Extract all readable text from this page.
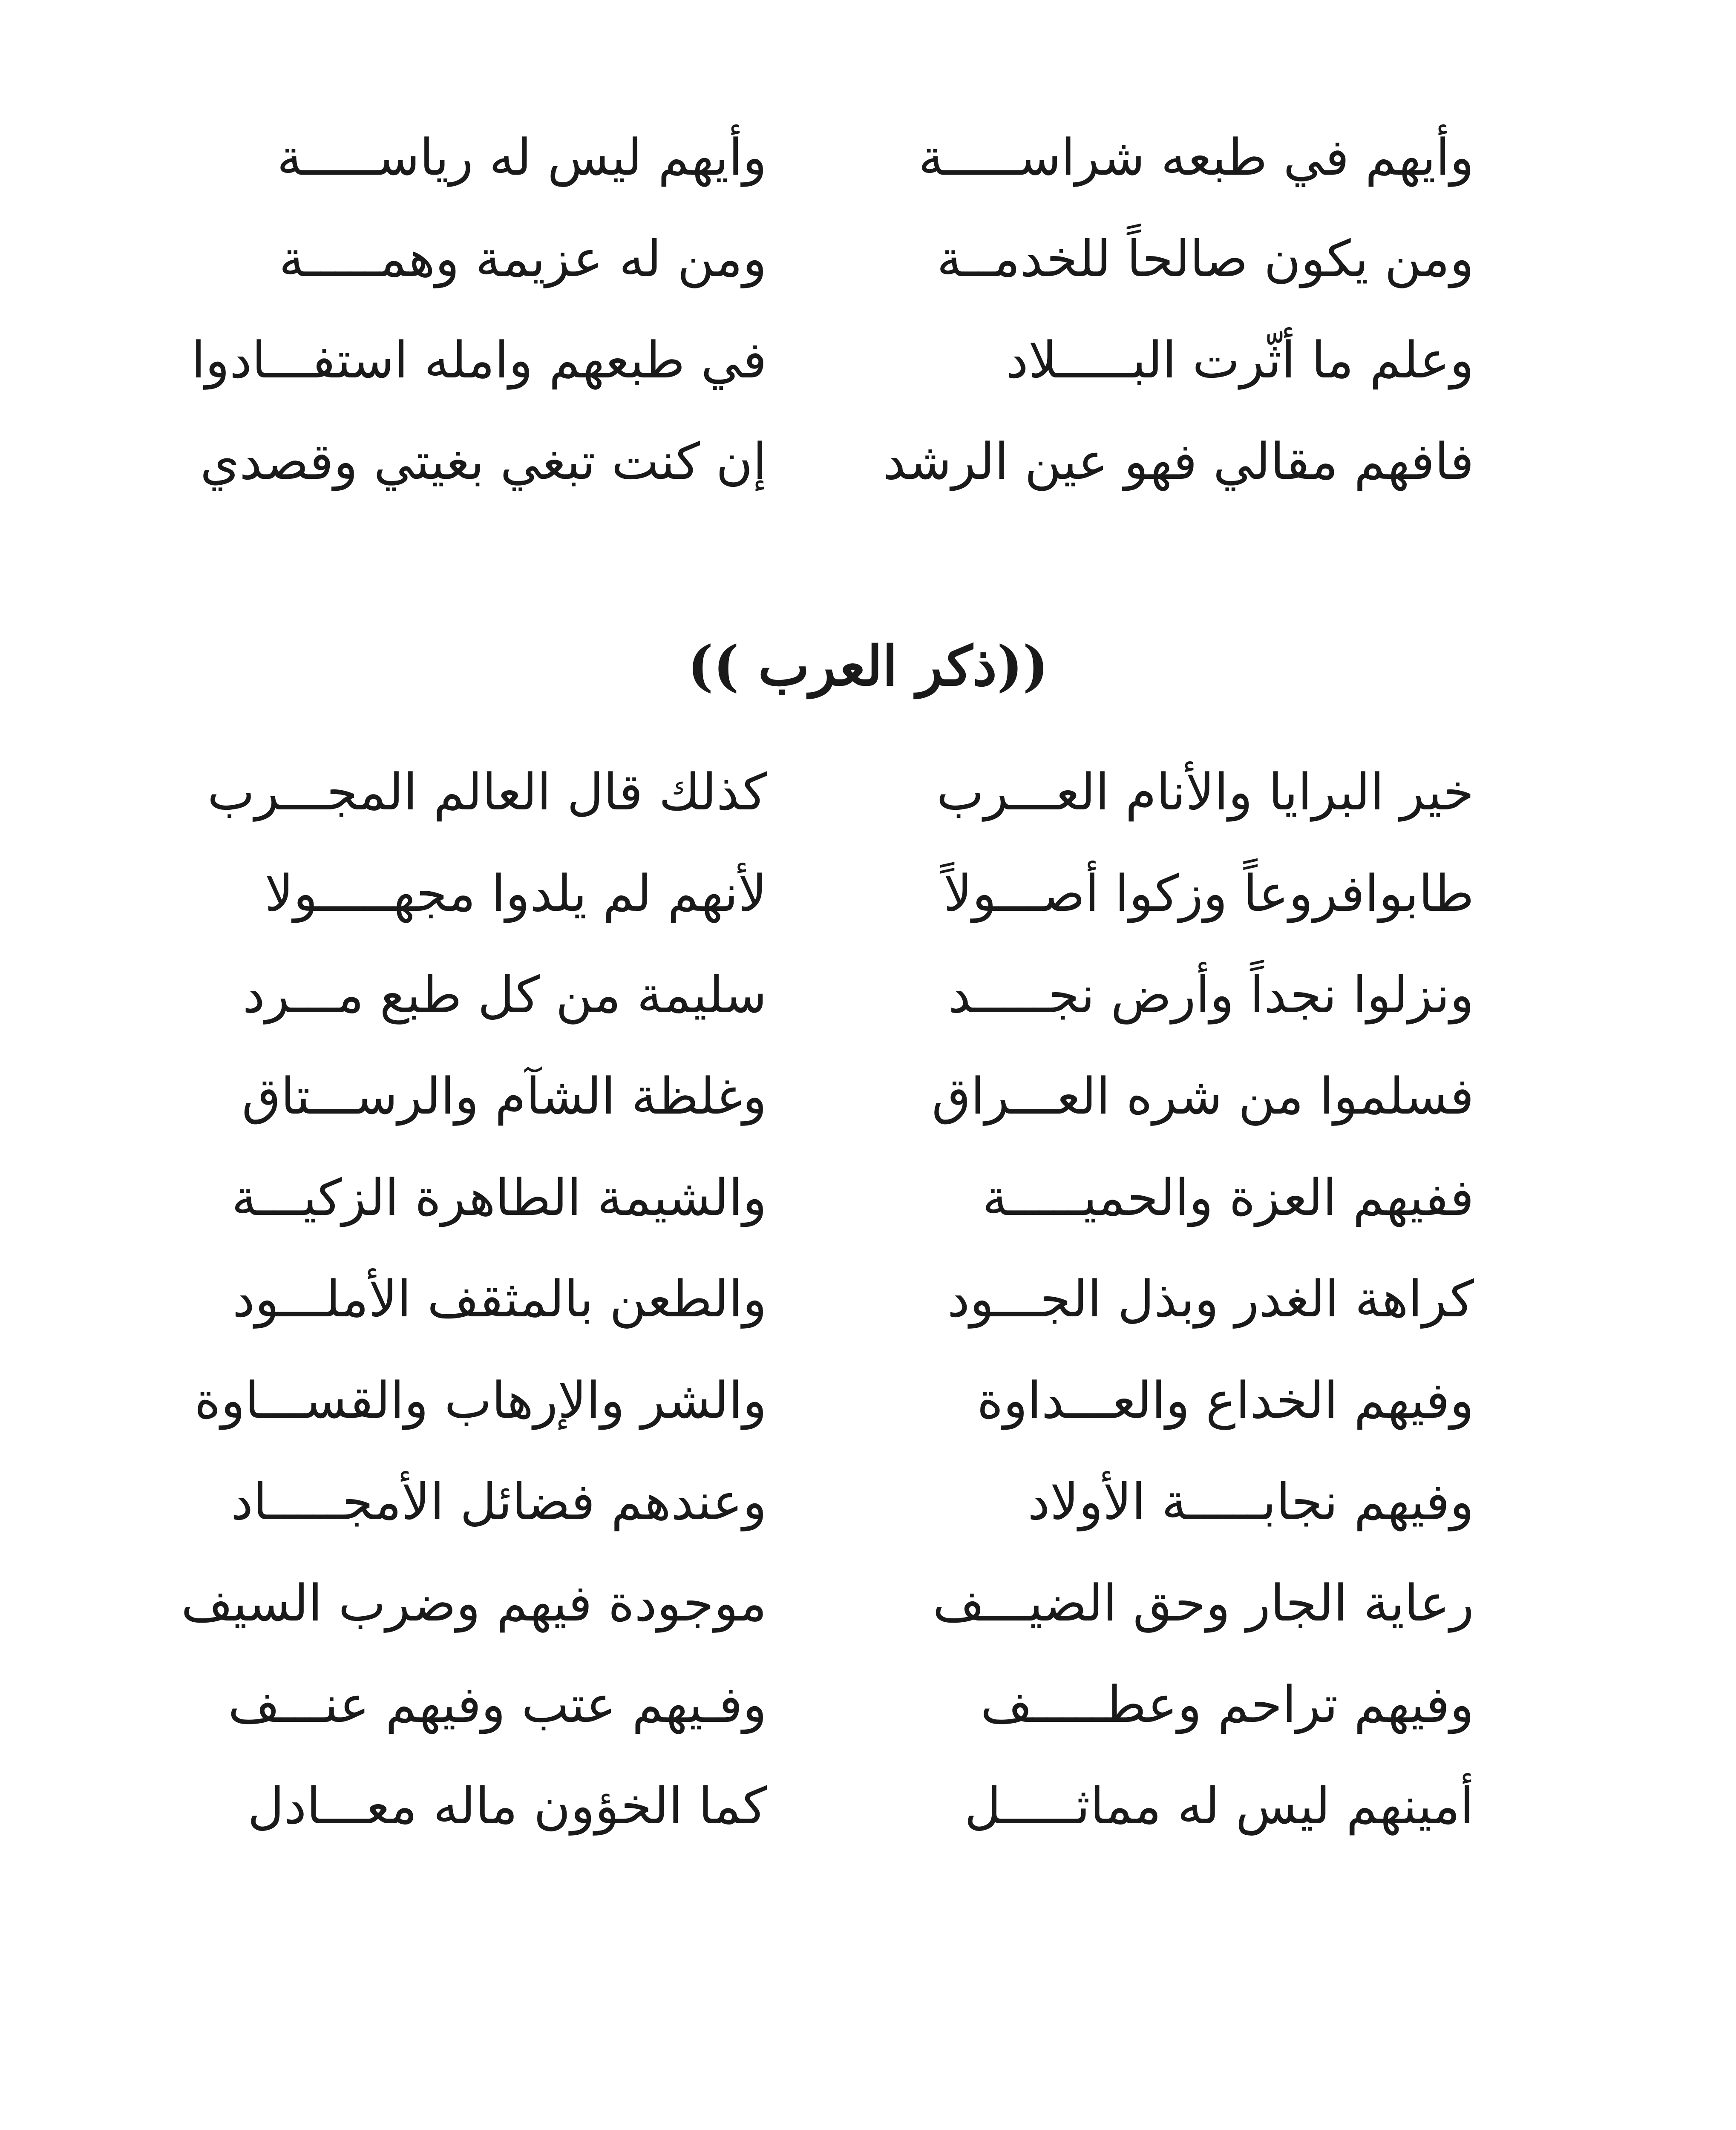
وأيهم في طبعه شراســـــة
وأيهم ليس له رياســـــة
ومن يكون صالحاً للخدمــة
ومن له عزيمة وهمـــــة
وعلم ما أثّرت البـــــلاد
في طبعهم وامله استفـــادوا
فافهم مقالي فهو عين الرشد
إن كنت تبغي بغيتي وقصدي
((ذكر العرب ))
خير البرايا والأنام العـــرب
كذلك قال العالم المجـــرب
طابوافروعاً وزكوا أصـــولاً
لأنهم لم يلدوا مجهـــــولا
ونزلوا نجداً وأرض نجـــــد
سليمة من كل طبع مـــرد
فسلموا من شره العـــراق
وغلظة الشآم والرســـتاق
ففيهم العزة والحميـــــة
والشيمة الطاهرة الزكيـــة
كراهة الغدر وبذل الجـــود
والطعن بالمثقف الأملـــود
وفيهم الخداع والعـــداوة
والشر والإرهاب والقســـاوة
وفيهم نجابـــــة الأولاد
وعندهم فضائل الأمجـــــاد
رعاية الجار وحق الضيـــف
موجودة فيهم وضرب السيف
وفيهم تراحم وعطـــــف
وفـيهم عتب وفيهم عنـــف
أمينهم ليس له مماثـــــل
كما الخؤون ماله معـــادل
